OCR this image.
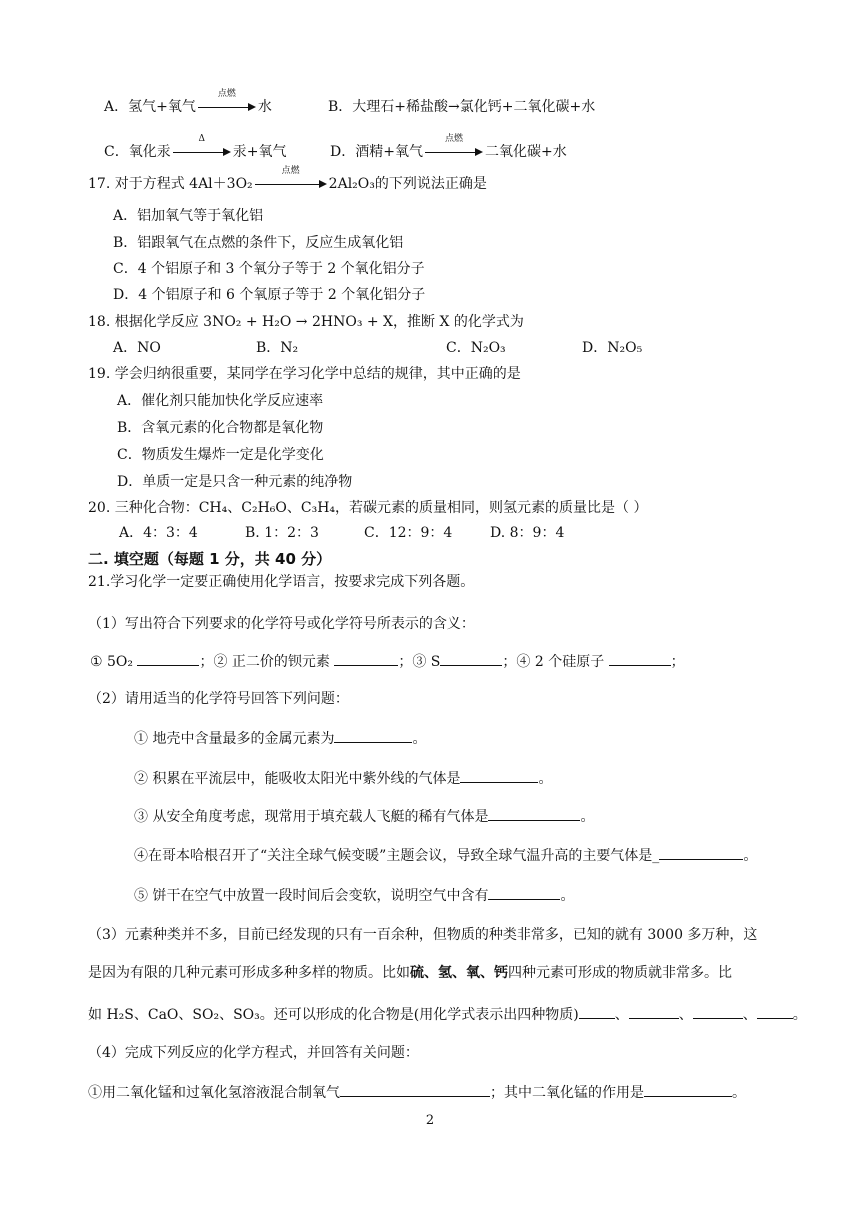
A．氢气+氧气
点燃
水	B．大理石+稀盐酸→氯化钙+二氧化碳+水
C．氧化汞
Δ
汞+氧气	D．酒精+氧气
点燃
二氧化碳+水
17. 对于方程式 4Al＋3O₂
点燃
2Al₂O₃的下列说法正确是
A．铝加氧气等于氧化铝
B．铝跟氧气在点燃的条件下，反应生成氧化铝
C．4 个铝原子和 3 个氧分子等于 2 个氧化铝分子
D．4 个铝原子和 6 个氧原子等于 2 个氧化铝分子
18. 根据化学反应 3NO₂ + H₂O → 2HNO₃ + X，推断 X 的化学式为
A．NO	B．N₂	C．N₂O₃	D．N₂O₅
19. 学会归纳很重要，某同学在学习化学中总结的规律，其中正确的是
A．催化剂只能加快化学反应速率
B．含氧元素的化合物都是氧化物
C．物质发生爆炸一定是化学变化
D．单质一定是只含一种元素的纯净物
20. 三种化合物：CH₄、C₂H₆O、C₃H₄，若碳元素的质量相同，则氢元素的质量比是（ ）
A．4：3：4	B. 1：2：3	C．12：9：4	D. 8：9：4
二. 填空题（每题 1 分，共 40 分）
21.学习化学一定要正确使用化学语言，按要求完成下列各题。
（1）写出符合下列要求的化学符号或化学符号所表示的含义：
① 5O₂	；② 正二价的钡元素	；③ S	；④ 2 个硅原子	；
（2）请用适当的化学符号回答下列问题：
① 地壳中含量最多的金属元素为	。
② 积累在平流层中，能吸收太阳光中紫外线的气体是	。
③ 从安全角度考虑，现常用于填充载人飞艇的稀有气体是	。
④在哥本哈根召开了“关注全球气候变暖”主题会议，导致全球气温升高的主要气体是_	。
⑤ 饼干在空气中放置一段时间后会变软，说明空气中含有	。
（3）元素种类并不多，目前已经发现的只有一百余种，但物质的种类非常多，已知的就有 3000 多万种，这
是因为有限的几种元素可形成多种多样的物质。比如硫、氢、氧、钙四种元素可形成的物质就非常多。比
如 H₂S、CaO、SO₂、SO₃。还可以形成的化合物是(用化学式表示出四种物质)	、	、	、	。
（4）完成下列反应的化学方程式，并回答有关问题：
①用二氧化锰和过氧化氢溶液混合制氧气	；其中二氧化锰的作用是	。
2
